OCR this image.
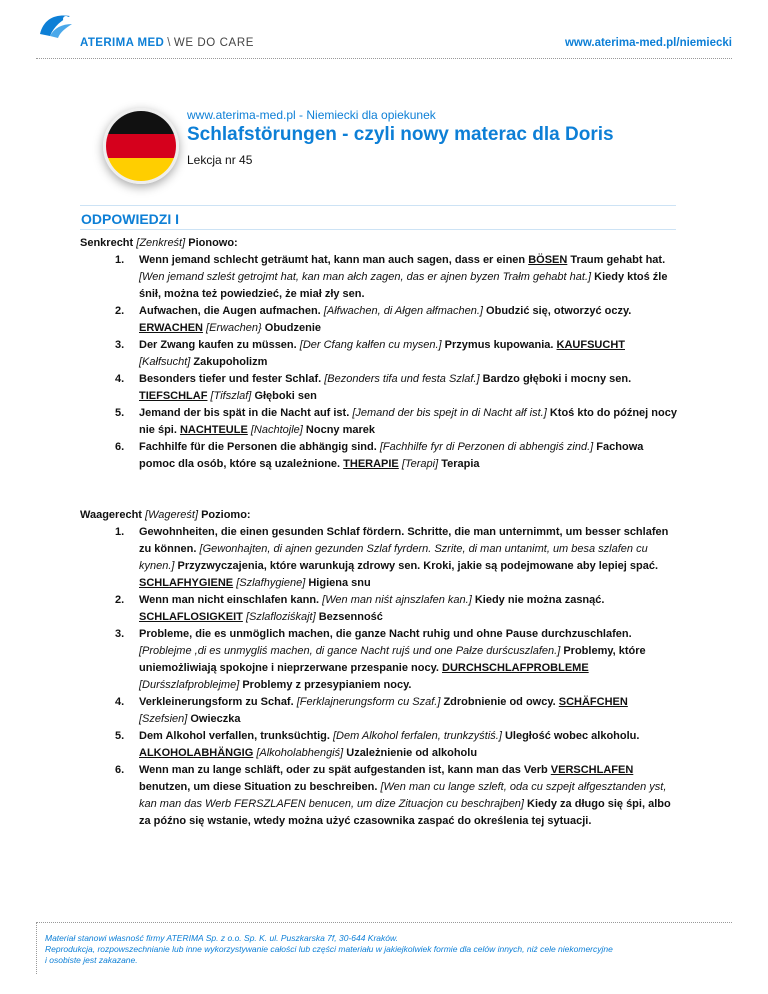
ATERIMA MED \ WE DO CARE	www.aterima-med.pl/niemiecki
www.aterima-med.pl - Niemiecki dla opiekunek
Schlafstörungen - czyli nowy materac dla Doris
Lekcja nr 45
ODPOWIEDZI I
Senkrecht [Zenkreśt] Pionowo:
1. Wenn jemand schlecht geträumt hat, kann man auch sagen, dass er einen BÖSEN Traum gehabt hat. [Wen jemand szleśt getrojmt hat, kan man ałch zagen, das er ajnen byzen Trałm gehabt hat.] Kiedy ktoś źle śnił, można też powiedzieć, że miał zły sen.
2. Aufwachen, die Augen aufmachen. [Ałfwachen, di Ałgen ałfmachen.] Obudzić się, otworzyć oczy.
ERWACHEN [Erwachen} Obudzenie
3. Der Zwang kaufen zu müssen. [Der Cfang kałfen cu mysen.] Przymus kupowania. KAUFSUCHT
[Kałfsucht] Zakupoholizm
4. Besonders tiefer und fester Schlaf. [Bezonders tifa und festa Szlaf.] Bardzo głęboki i mocny sen.
TIEFSCHLAF [Tifszlaf] Głęboki sen
5. Jemand der bis spät in die Nacht auf ist. [Jemand der bis spejt in di Nacht ałf ist.] Ktoś kto do późnej nocy nie śpi. NACHTEULE [Nachtojle] Nocny marek
6. Fachhilfe für die Personen die abhängig sind. [Fachhilfe fyr di Perzonen di abhengiś zind.] Fachowa pomoc dla osób, które są uzależnione. THERAPIE [Terapi] Terapia
Waagerecht [Wagereśt] Poziomo:
1. Gewohnheiten, die einen gesunden Schlaf fördern. Schritte, die man unternimmt, um besser schlafen zu können. [Gewonhajten, di ajnen gezunden Szlaf fyrdern. Szrite, di man untanimt, um besa szlafen cu kynen.] Przyzwyczajenia, które warunkują zdrowy sen. Kroki, jakie są podejmowane aby lepiej spać.
SCHLAFHYGIENE [Szlafhygiene] Higiena snu
2. Wenn man nicht einschlafen kann. [Wen man niśt ajnszlafen kan.] Kiedy nie można zasnąć.
SCHLAFLOSIGKEIT [Szlafloziśkajt] Bezsenność
3. Probleme, die es unmöglich machen, die ganze Nacht ruhig und ohne Pause durchzuschlafen. [Problejme ,di es unmygliś machen, di gance Nacht rujś und one Pałze durścuszlafen.] Problemy, które uniemożliwiają spokojne i nieprzerwane przespanie nocy. DURCHSCHLAFPROBLEME [Durśszlafproblejme] Problemy z przesypianiem nocy.
4. Verkleinerungsform zu Schaf. [Ferklajnerungsform cu Szaf.] Zdrobnienie od owcy. SCHÄFCHEN
[Szefsien] Owieczka
5. Dem Alkohol verfallen, trunksüchtig. [Dem Alkohol ferfalen, trunkzyśtiś.] Uległość wobec alkoholu.
ALKOHOLABHÄNGIG [Alkoholabhengiś] Uzależnienie od alkoholu
6. Wenn man zu lange schläft, oder zu spät aufgestanden ist, kann man das Verb VERSCHLAFEN benutzen, um diese Situation zu beschreiben. [Wen man cu lange szleft, oda cu szpejt ałfgesztanden yst, kan man das Werb FERSZLAFEN benucen, um dize Zituacjon cu beschrajben] Kiedy za długo się śpi, albo za późno się wstanie, wtedy można użyć czasownika zaspać do określenia tej sytuacji.
Materiał stanowi własność firmy ATERIMA Sp. z o.o. Sp. K. ul. Puszkarska 7f, 30-644 Kraków.
Reprodukcja, rozpowszechnianie lub inne wykorzystywanie całości lub części materiału w jakiejkolwiek formie dla celów innych, niż cele niekomercyjne
i osobiste jest zakazane.
